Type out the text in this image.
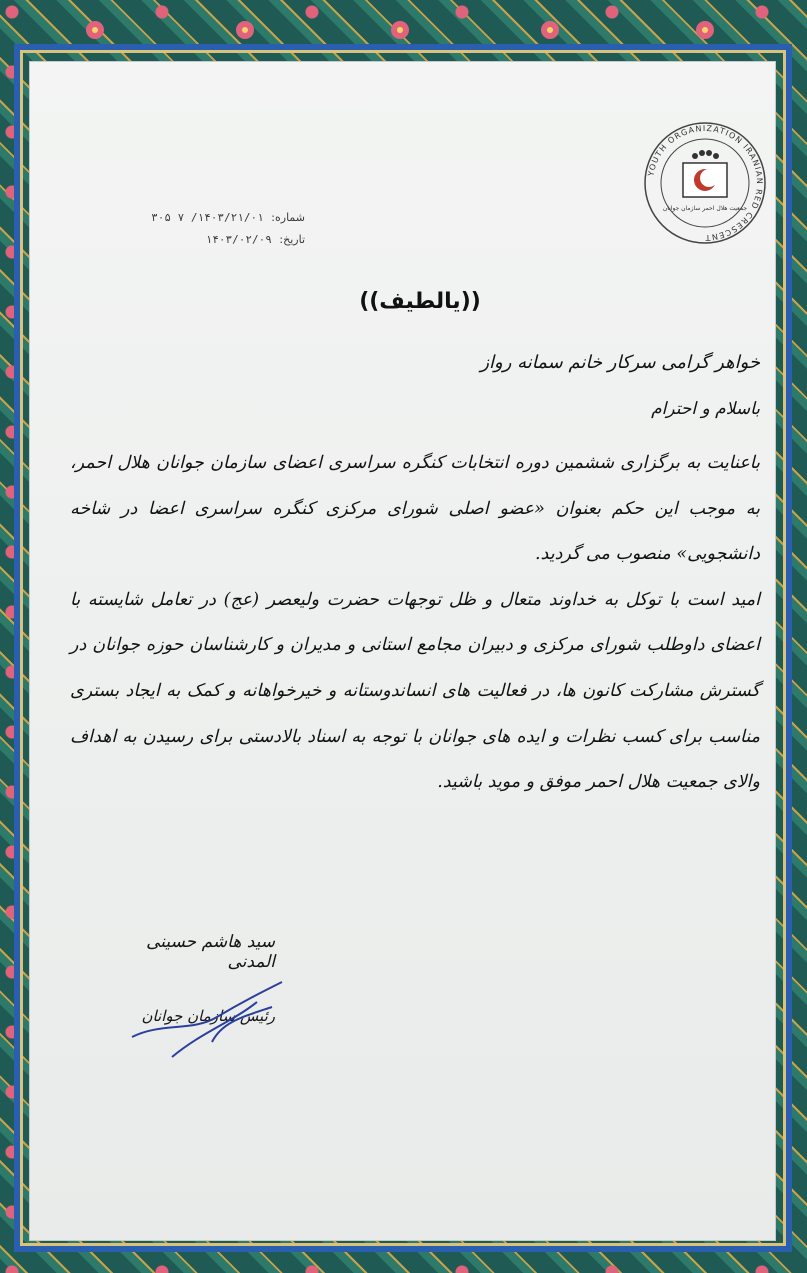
YOUTH ORGANIZATION IRANIAN RED CRESCENT
جمعیت هلال احمر سازمان جوانان
شماره: ۱۴۰۳/۲۱/۰۱/ ۷ ۳۰۵
تاریخ: ۱۴۰۳/۰۲/۰۹
((یالطیف))

خواهر گرامی سرکار خانم سمانه رواز

باسلام و احترام

باعنایت به برگزاری ششمین دوره انتخابات کنگره سراسری اعضای سازمان جوانان هلال احمر، به موجب این حکم بعنوان «عضو اصلی شورای مرکزی کنگره سراسری اعضا در شاخه دانشجویی» منصوب می گردید.

امید است با توکل به خداوند متعال و ظل توجهات حضرت ولیعصر (عج) در تعامل شایسته با اعضای داوطلب شورای مرکزی و دبیران مجامع استانی و مدیران و کارشناسان حوزه جوانان در گسترش مشارکت کانون ها، در فعالیت های انساندوستانه و خیرخواهانه و کمک به ایجاد بستری مناسب برای کسب نظرات و ایده های جوانان با توجه به اسناد بالادستی برای رسیدن به اهداف والای جمعیت هلال احمر موفق و موید باشید.

سید هاشم حسینی المدنی
رئیس سازمان جوانان
